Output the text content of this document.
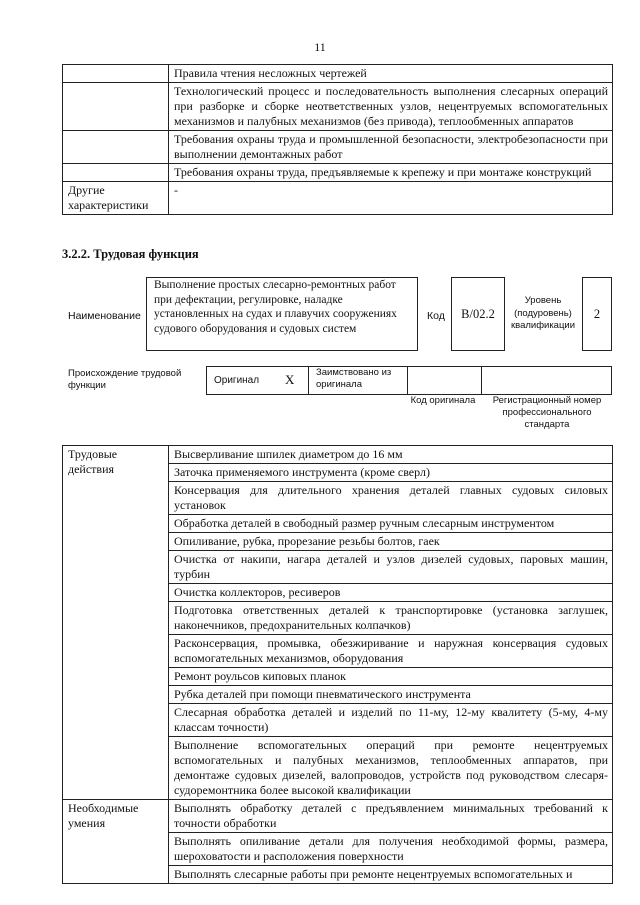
11
	Правила чтения несложных чертежей
	Технологический процесс и последовательность выполнения слесарных операций при разборке и сборке неответственных узлов, нецентруемых вспомогательных механизмов и палубных механизмов (без привода), теплообменных аппаратов
	Требования охраны труда и промышленной безопасности, электробезопасности при выполнении демонтажных работ
	Требования охраны труда, предъявляемые к крепежу и при монтаже конструкций
Другие характеристики	-
3.2.2. Трудовая функция
Наименование
Выполнение простых слесарно-ремонтных работ при дефектации, регулировке, наладке установленных на судах и плавучих сооружениях судового оборудования и судовых систем
Код	B/02.2
Уровень (подуровень) квалификации
2
Происхождение трудовой функции	Оригинал X Заимствовано из оригинала
Код оригинала	Регистрационный номер профессионального стандарта
Трудовые действия	Высверливание шпилек диаметром до 16 мм
	Заточка применяемого инструмента (кроме сверл)
	Консервация для длительного хранения деталей главных судовых силовых установок
	Обработка деталей в свободный размер ручным слесарным инструментом
	Опиливание, рубка, прорезание резьбы болтов, гаек
	Очистка от накипи, нагара деталей и узлов дизелей судовых, паровых машин, турбин
	Очистка коллекторов, ресиверов
	Подготовка ответственных деталей к транспортировке (установка заглушек, наконечников, предохранительных колпачков)
	Расконсервация, промывка, обезжиривание и наружная консервация судовых вспомогательных механизмов, оборудования
	Ремонт роульсов киповых планок
	Рубка деталей при помощи пневматического инструмента
	Слесарная обработка деталей и изделий по 11-му, 12-му квалитету (5-му, 4-му классам точности)
	Выполнение вспомогательных операций при ремонте нецентруемых вспомогательных и палубных механизмов, теплообменных аппаратов, при демонтаже судовых дизелей, валопроводов, устройств под руководством слесаря-судоремонтника более высокой квалификации
Необходимые умения	Выполнять обработку деталей с предъявлением минимальных требований к точности обработки
	Выполнять опиливание детали для получения необходимой формы, размера, шероховатости и расположения поверхности
	Выполнять слесарные работы при ремонте нецентруемых вспомогательных и
